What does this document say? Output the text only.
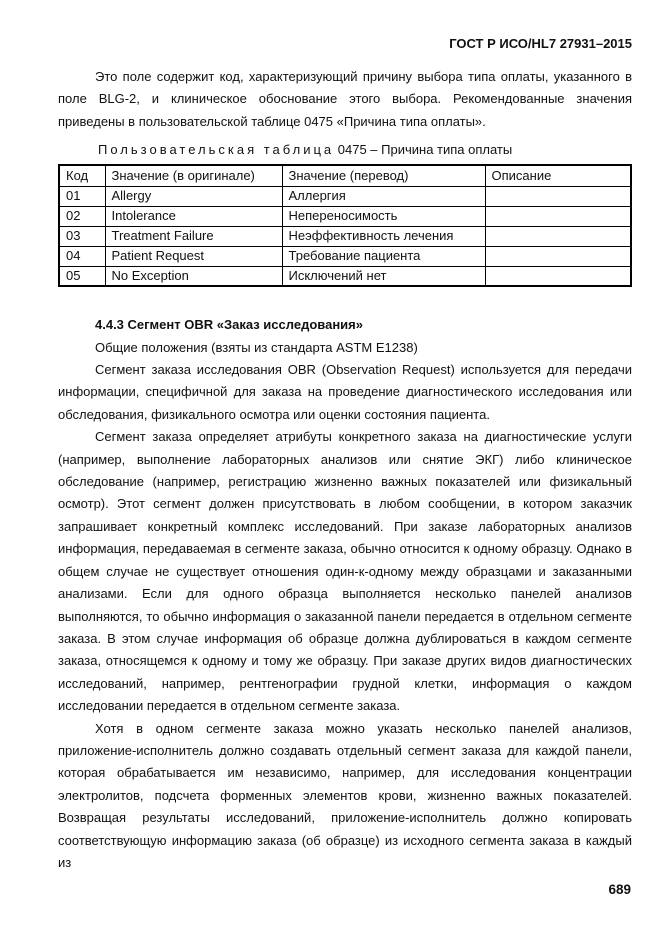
ГОСТ Р ИСО/HL7 27931–2015

Это поле содержит код, характеризующий причину выбора типа оплаты, указанного в поле BLG-2, и клиническое обоснование этого выбора. Рекомендованные значения приведены в пользовательской таблице 0475 «Причина типа оплаты».

Пользовательская таблица 0475 – Причина типа оплаты
Код	Значение (в оригинале)	Значение (перевод)	Описание
01	Allergy	Аллергия	
02	Intolerance	Непереносимость	
03	Treatment Failure	Неэффективность лечения	
04	Patient Request	Требование пациента	
05	No Exception	Исключений нет	
4.4.3 Сегмент OBR «Заказ исследования»

Общие положения (взяты из стандарта ASTM E1238)

Сегмент заказа исследования OBR (Observation Request) используется для передачи информации, специфичной для заказа на проведение диагностического исследования или обследования, физикального осмотра или оценки состояния пациента.

Сегмент заказа определяет атрибуты конкретного заказа на диагностические услуги (например, выполнение лабораторных анализов или снятие ЭКГ) либо клиническое обследование (например, регистрацию жизненно важных показателей или физикальный осмотр). Этот сегмент должен присутствовать в любом сообщении, в котором заказчик запрашивает конкретный комплекс исследований. При заказе лабораторных анализов информация, передаваемая в сегменте заказа, обычно относится к одному образцу. Однако в общем случае не существует отношения один-к-одному между образцами и заказанными анализами. Если для одного образца выполняется несколько панелей анализов выполняются, то обычно информация о заказанной панели передается в отдельном сегменте заказа. В этом случае информация об образце должна дублироваться в каждом сегменте заказа, относящемся к одному и тому же образцу. При заказе других видов диагностических исследований, например, рентгенографии грудной клетки, информация о каждом исследовании передается в отдельном сегменте заказа.

Хотя в одном сегменте заказа можно указать несколько панелей анализов, приложение-исполнитель должно создавать отдельный сегмент заказа для каждой панели, которая обрабатывается им независимо, например, для исследования концентрации электролитов, подсчета форменных элементов крови, жизненно важных показателей. Возвращая результаты исследований, приложение-исполнитель должно копировать соответствующую информацию заказа (об образце) из исходного сегмента заказа в каждый из

689
